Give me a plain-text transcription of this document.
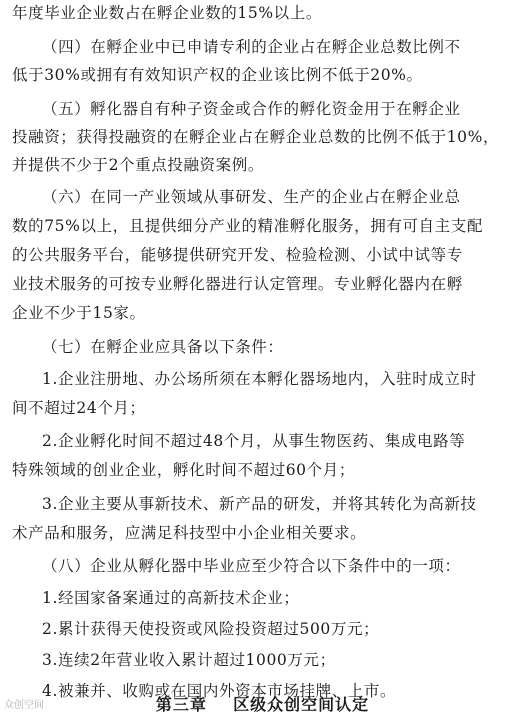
年度毕业企业数占在孵企业数的15%以上。
（四）在孵企业中已申请专利的企业占在孵企业总数比例不
低于30%或拥有有效知识产权的企业该比例不低于20%。
（五）孵化器自有种子资金或合作的孵化资金用于在孵企业
投融资；获得投融资的在孵企业占在孵企业总数的比例不低于10%，
并提供不少于2个重点投融资案例。
（六）在同一产业领域从事研发、生产的企业占在孵企业总
数的75%以上，且提供细分产业的精准孵化服务，拥有可自主支配
的公共服务平台，能够提供研究开发、检验检测、小试中试等专
业技术服务的可按专业孵化器进行认定管理。专业孵化器内在孵
企业不少于15家。
（七）在孵企业应具备以下条件：
1.企业注册地、办公场所须在本孵化器场地内，入驻时成立时
间不超过24个月；
2.企业孵化时间不超过48个月，从事生物医药、集成电路等
特殊领域的创业企业，孵化时间不超过60个月；
3.企业主要从事新技术、新产品的研发，并将其转化为高新技
术产品和服务，应满足科技型中小企业相关要求。
（八）企业从孵化器中毕业应至少符合以下条件中的一项：
1.经国家备案通过的高新技术企业；
2.累计获得天使投资或风险投资超过500万元；
3.连续2年营业收入累计超过1000万元；
4.被兼并、收购或在国内外资本市场挂牌、上市。
第三章    区级众创空间认定
众创空间
